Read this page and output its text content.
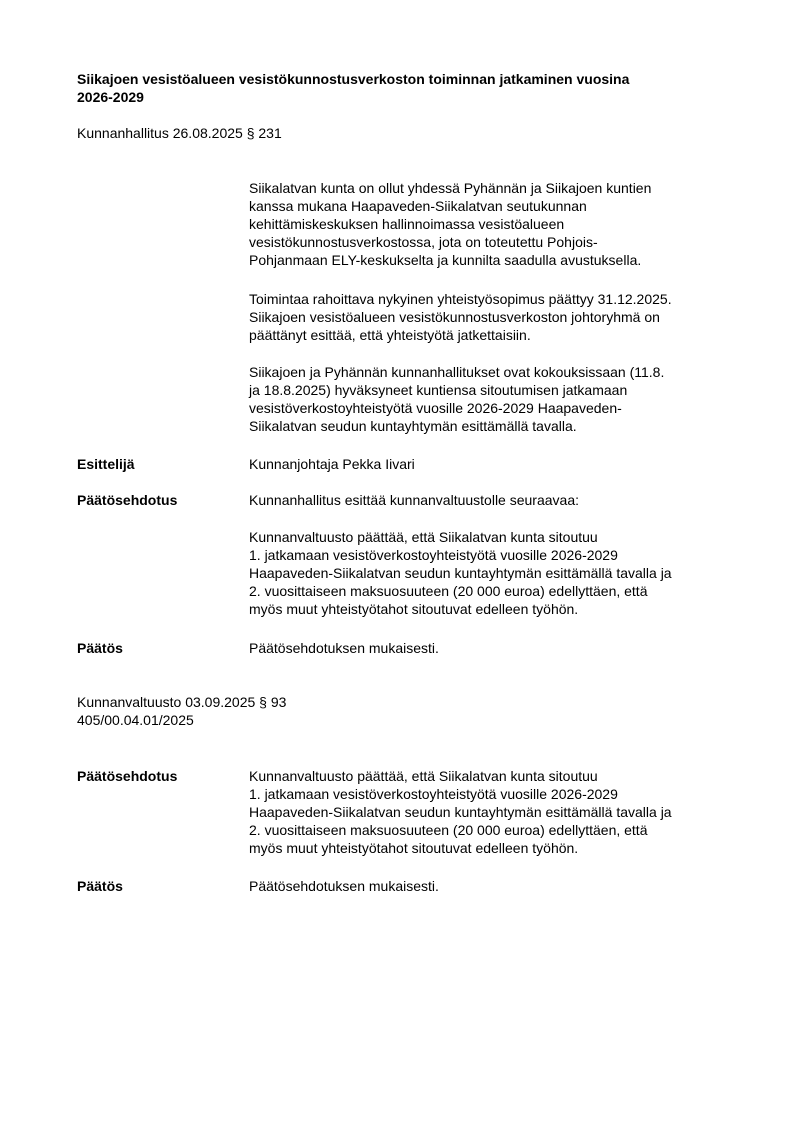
Siikajoen vesistöalueen vesistökunnostusverkoston toiminnan jatkaminen vuosina
2026-2029
Kunnanhallitus 26.08.2025 § 231
Siikalatvan kunta on ollut yhdessä Pyhännän ja Siikajoen kuntien
kanssa mukana Haapaveden-Siikalatvan seutukunnan
kehittämiskeskuksen hallinnoimassa vesistöalueen
vesistökunnostusverkostossa, jota on toteutettu Pohjois-
Pohjanmaan ELY-keskukselta ja kunnilta saadulla avustuksella.
Toimintaa rahoittava nykyinen yhteistyösopimus päättyy 31.12.2025.
Siikajoen vesistöalueen vesistökunnostusverkoston johtoryhmä on
päättänyt esittää, että yhteistyötä jatkettaisiin.
Siikajoen ja Pyhännän kunnanhallitukset ovat kokouksissaan (11.8.
ja 18.8.2025) hyväksyneet kuntiensa sitoutumisen jatkamaan
vesistöverkostoyhteistyötä vuosille 2026-2029 Haapaveden-
Siikalatvan seudun kuntayhtymän esittämällä tavalla.
Esittelijä	Kunnanjohtaja Pekka Iivari
Päätösehdotus	Kunnanhallitus esittää kunnanvaltuustolle seuraavaa:
Kunnanvaltuusto päättää, että Siikalatvan kunta sitoutuu
1. jatkamaan vesistöverkostoyhteistyötä vuosille 2026-2029
Haapaveden-Siikalatvan seudun kuntayhtymän esittämällä tavalla ja
2. vuosittaiseen maksuosuuteen (20 000 euroa) edellyttäen, että
myös muut yhteistyötahot sitoutuvat edelleen työhön.
Päätös	Päätösehdotuksen mukaisesti.
Kunnanvaltuusto 03.09.2025 § 93
405/00.04.01/2025
Päätösehdotus	Kunnanvaltuusto päättää, että Siikalatvan kunta sitoutuu
1. jatkamaan vesistöverkostoyhteistyötä vuosille 2026-2029
Haapaveden-Siikalatvan seudun kuntayhtymän esittämällä tavalla ja
2. vuosittaiseen maksuosuuteen (20 000 euroa) edellyttäen, että
myös muut yhteistyötahot sitoutuvat edelleen työhön.
Päätös	Päätösehdotuksen mukaisesti.
